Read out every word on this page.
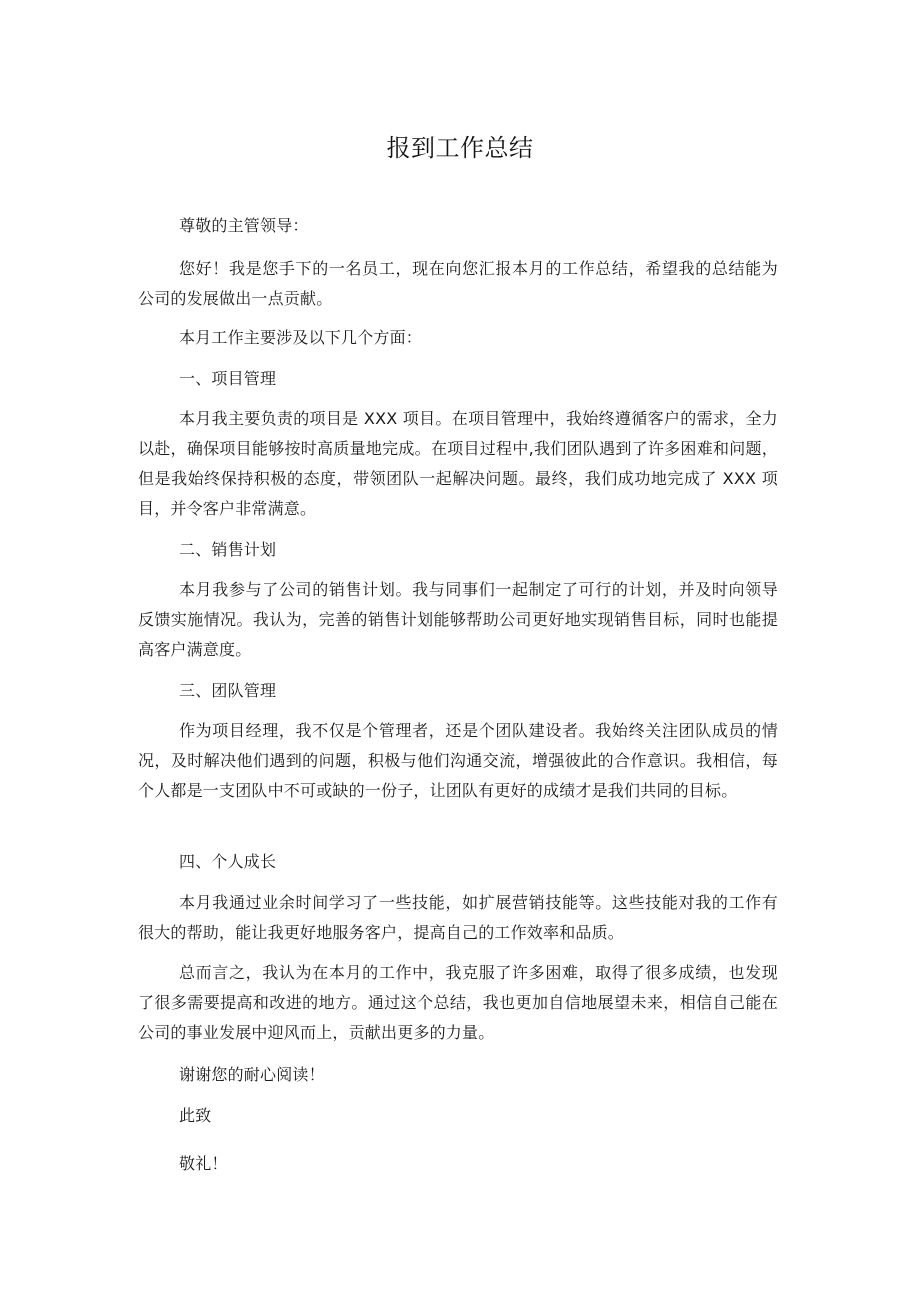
报到工作总结

尊敬的主管领导：

您好！我是您手下的一名员工，现在向您汇报本月的工作总结，希望我的总结能为公司的发展做出一点贡献。

本月工作主要涉及以下几个方面：

一、项目管理

本月我主要负责的项目是 XXX 项目。在项目管理中，我始终遵循客户的需求，全力以赴，确保项目能够按时高质量地完成。在项目过程中,我们团队遇到了许多困难和问题，但是我始终保持积极的态度，带领团队一起解决问题。最终，我们成功地完成了 XXX 项目，并令客户非常满意。

二、销售计划

本月我参与了公司的销售计划。我与同事们一起制定了可行的计划，并及时向领导反馈实施情况。我认为，完善的销售计划能够帮助公司更好地实现销售目标，同时也能提高客户满意度。

三、团队管理

作为项目经理，我不仅是个管理者，还是个团队建设者。我始终关注团队成员的情况，及时解决他们遇到的问题，积极与他们沟通交流，增强彼此的合作意识。我相信，每个人都是一支团队中不可或缺的一份子，让团队有更好的成绩才是我们共同的目标。

四、个人成长

本月我通过业余时间学习了一些技能，如扩展营销技能等。这些技能对我的工作有很大的帮助，能让我更好地服务客户，提高自己的工作效率和品质。

总而言之，我认为在本月的工作中，我克服了许多困难，取得了很多成绩，也发现了很多需要提高和改进的地方。通过这个总结，我也更加自信地展望未来，相信自己能在公司的事业发展中迎风而上，贡献出更多的力量。

谢谢您的耐心阅读！

此致

敬礼！
